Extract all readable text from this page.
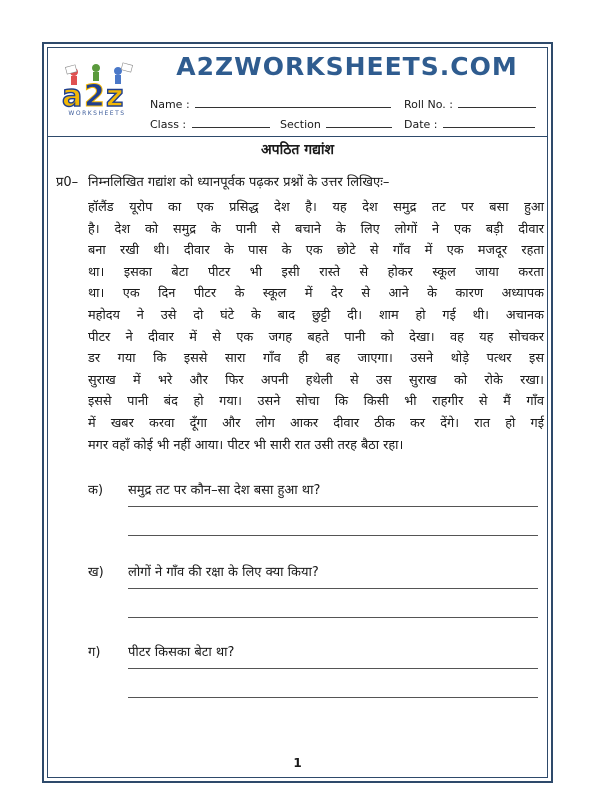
a 2 z
WORKSHEETS
A2ZWORKSHEETS.COM
Name :	Roll No. :
Class :	Section	Date :
अपठित गद्यांश
प्र0– निम्नलिखित गद्यांश को ध्यानपूर्वक पढ़कर प्रश्नों के उत्तर लिखिएः–
हॉलैंड यूरोप का एक प्रसिद्ध देश है। यह देश समुद्र तट पर बसा हुआ
है। देश को समुद्र के पानी से बचाने के लिए लोगों ने एक बड़ी दीवार
बना रखी थी। दीवार के पास के एक छोटे से गाँव में एक मजदूर रहता
था। इसका बेटा पीटर भी इसी रास्ते से होकर स्कूल जाया करता
था। एक दिन पीटर के स्कूल में देर से आने के कारण अध्यापक
महोदय ने उसे दो घंटे के बाद छुट्टी दी। शाम हो गई थी। अचानक
पीटर ने दीवार में से एक जगह बहते पानी को देखा। वह यह सोचकर
डर गया कि इससे सारा गाँव ही बह जाएगा। उसने थोड़े पत्थर इस
सुराख में भरे और फिर अपनी हथेली से उस सुराख को रोके रखा।
इससे पानी बंद हो गया। उसने सोचा कि किसी भी राहगीर से मैं गाँव
में खबर करवा दूँगा और लोग आकर दीवार ठीक कर देंगे। रात हो गई
मगर वहाँ कोई भी नहीं आया। पीटर भी सारी रात उसी तरह बैठा रहा।
क) समुद्र तट पर कौन–सा देश बसा हुआ था?
ख) लोगों ने गाँव की रक्षा के लिए क्या किया?
ग) पीटर किसका बेटा था?
1
